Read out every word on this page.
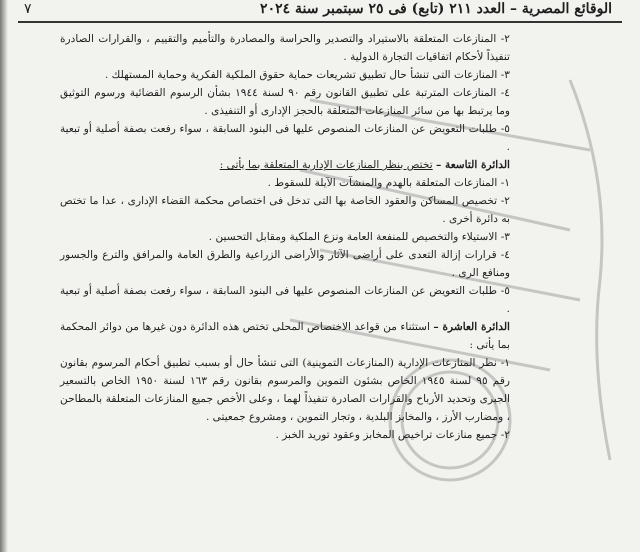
الوقائع المصرية – العدد ٢١١ (تابع) فى ٢٥ سبتمبر سنة ٢٠٢٤
٧

٢- المنازعات المتعلقة بالاستيراد والتصدير والحراسة والمصادرة والتأميم والتقييم ، والقرارات الصادرة تنفيذاً لأحكام اتفاقيات التجارة الدولية .

٣- المنازعات التى تنشأ حال تطبيق تشريعات حماية حقوق الملكية الفكرية وحماية المستهلك .

٤- المنازعات المترتبة على تطبيق القانون رقم ٩٠ لسنة ١٩٤٤ بشأن الرسوم القضائية ورسوم التوثيق وما يرتبط بها من سائر المنازعات المتعلقة بالحجز الإدارى أو التنفيذى .

٥- طلبات التعويض عن المنازعات المنصوص عليها فى البنود السابقة ، سواء رفعت بصفة أصلية أو تبعية .

الدائرة التاسعة – تختص بنظر المنازعات الإدارية المتعلقة بما يأتى :

١- المنازعات المتعلقة بالهدم والمنشآت الآيلة للسقوط .

٢- تخصيص المساكن والعقود الخاصة بها التى تدخل فى اختصاص محكمة القضاء الإدارى ، عدا ما تختص به دائرة أخرى .

٣- الاستيلاء والتخصيص للمنفعة العامة ونزع الملكية ومقابل التحسين .

٤- قرارات إزالة التعدى على أراضى الآثار والأراضى الزراعية والطرق العامة والمرافق والترع والجسور ومنافع الرى .

٥- طلبات التعويض عن المنازعات المنصوص عليها فى البنود السابقة ، سواء رفعت بصفة أصلية أو تبعية .

الدائرة العاشرة – استثناء من قواعد الاختصاص المحلى تختص هذه الدائرة دون غيرها من دوائر المحكمة بما يأتى :

١- نظر المنازعات الإدارية (المنازعات التموينية) التى تنشأ حال أو بسبب تطبيق أحكام المرسوم بقانون رقم ٩٥ لسنة ١٩٤٥ الخاص بشئون التموين والمرسوم بقانون رقم ١٦٣ لسنة ١٩٥٠ الخاص بالتسعير الجبرى وتحديد الأرباح والقرارات الصادرة تنفيذاً لهما ، وعلى الأخص جميع المنازعات المتعلقة بالمطاحن ، ومضارب الأرز ، والمخابز البلدية ، وتجار التموين ، ومشروع جمعيتى .

٢- جميع منازعات تراخيص المخابز وعقود توريد الخبز .
